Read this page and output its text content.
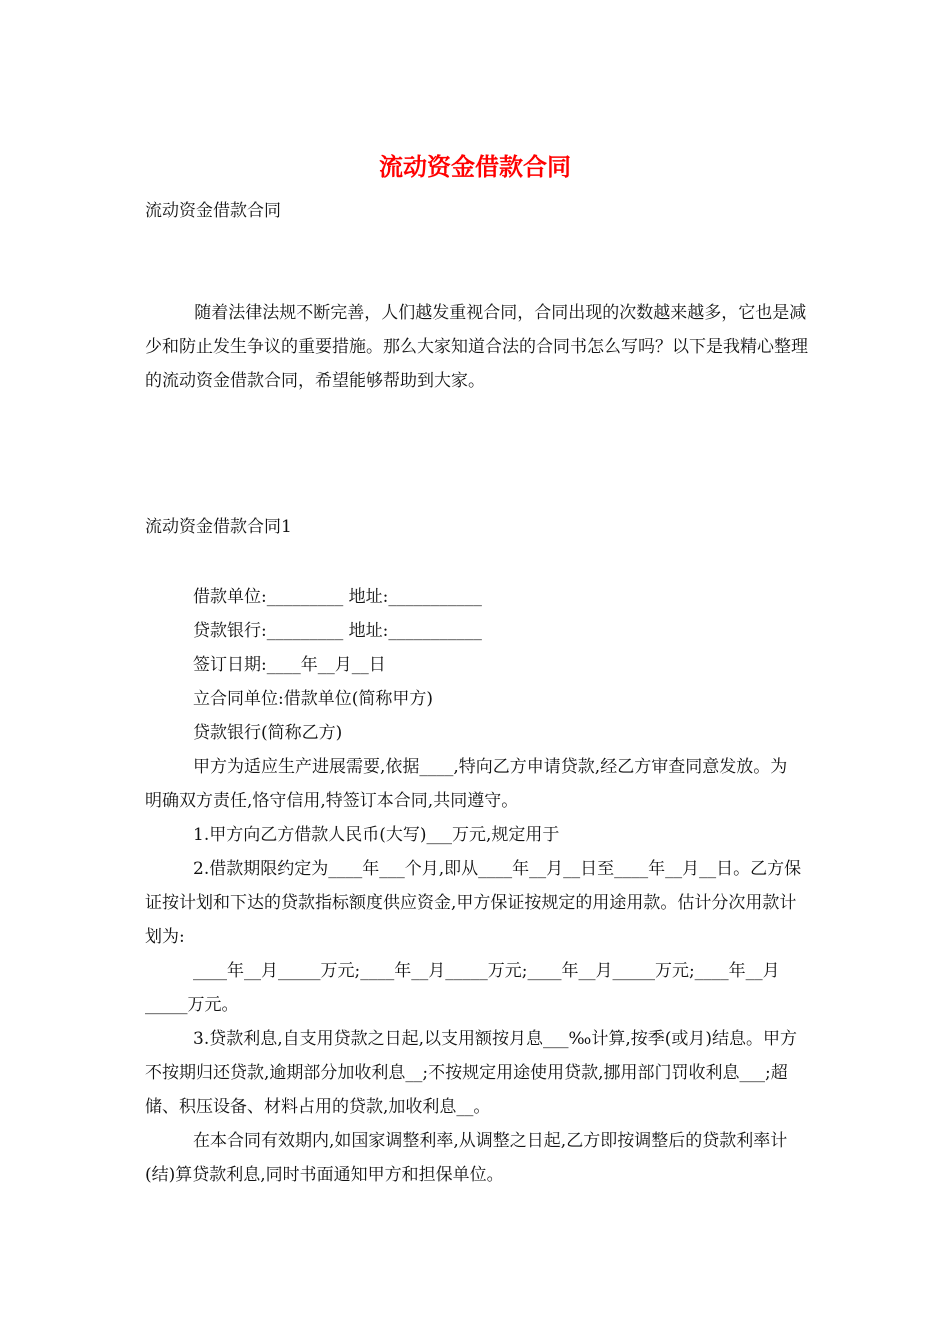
流动资金借款合同
流动资金借款合同

随着法律法规不断完善，人们越发重视合同，合同出现的次数越来越多，它也是减少和防止发生争议的重要措施。那么大家知道合法的合同书怎么写吗？以下是我精心整理的流动资金借款合同，希望能够帮助到大家。

流动资金借款合同1

借款单位:_________ 地址:___________

贷款银行:_________ 地址:___________

签订日期:____年__月__日

立合同单位:借款单位(简称甲方)

贷款银行(简称乙方)

甲方为适应生产进展需要,依据____,特向乙方申请贷款,经乙方审查同意发放。为明确双方责任,恪守信用,特签订本合同,共同遵守。

1.甲方向乙方借款人民币(大写)___万元,规定用于

2.借款期限约定为____年___个月,即从____年__月__日至____年__月__日。乙方保证按计划和下达的贷款指标额度供应资金,甲方保证按规定的用途用款。估计分次用款计划为:

____年__月_____万元;____年__月_____万元;____年__月_____万元;____年__月_____万元。

3.贷款利息,自支用贷款之日起,以支用额按月息___‰计算,按季(或月)结息。甲方不按期归还贷款,逾期部分加收利息__;不按规定用途使用贷款,挪用部门罚收利息___;超储、积压设备、材料占用的贷款,加收利息__。

在本合同有效期内,如国家调整利率,从调整之日起,乙方即按调整后的贷款利率计(结)算贷款利息,同时书面通知甲方和担保单位。
